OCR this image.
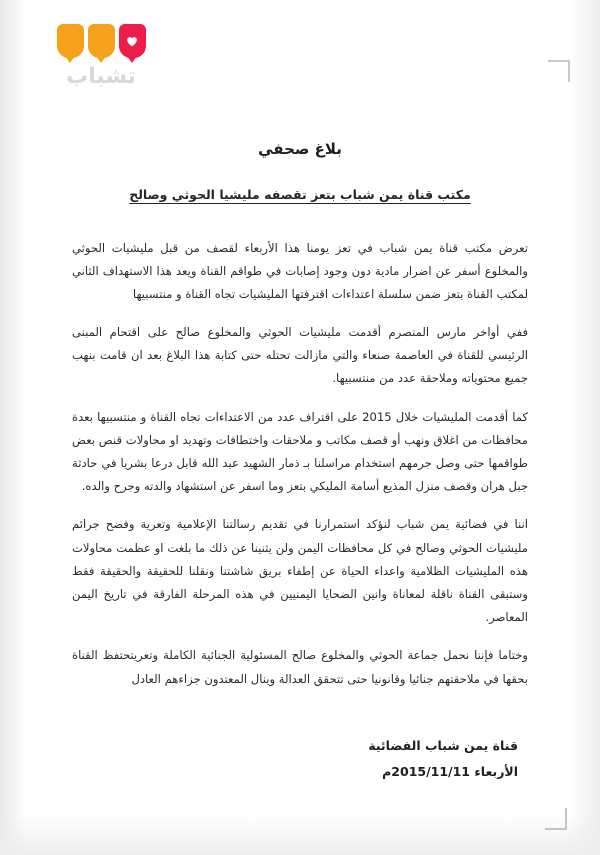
تشباب
بلاغ صحفي
مكتب قناة يمن شباب بتعز تقصفه مليشيا الحوثي وصالح

تعرض مكتب قناة يمن شباب في تعز يومنا هذا الأربعاء لقصف من قبل مليشيات الحوثي والمخلوع أسفر عن اضرار مادية دون وجود إصابات في طواقم القناة ويعد هذا الاستهداف الثاني لمكتب القناة بتعز ضمن سلسلة اعتداءات اقترفتها المليشيات تجاه القناة و منتسبيها

ففي أواخر مارس المنصرم أقدمت مليشيات الحوثي والمخلوع صالح على اقتحام المبنى الرئيسي للقناة في العاصمة صنعاء والتي مازالت تحتله حتى كتابة هذا البلاغ بعد ان قامت بنهب جميع محتوياته وملاحقة عدد من منتسبيها.

كما أقدمت المليشيات خلال 2015 على اقتراف عدد من الاعتداءات تجاه القناة و منتسبيها بعدة محافظات من اغلاق ونهب أو قصف مكاتب و ملاحقات واختطافات وتهديد او محاولات قنص بعض طواقمها حتى وصل جرمهم استخدام مراسلنا بـ ذمار الشهيد عبد الله قابل درعا بشريا في حادثة جبل هران وقصف منزل المذيع أسامة المليكي بتعز وما اسفر عن استشهاد والدته وجرح والده.

اننا في فضائية يمن شباب لنؤكد استمرارنا في تقديم رسالتنا الإعلامية وتعرية وفضح جرائم مليشيات الحوثي وصالح في كل محافظات اليمن ولن يثنينا عن ذلك ما بلغت او عظمت محاولات هذه المليشيات الظلامية واعداء الحياة عن إطفاء بريق شاشتنا ونقلنا للحقيقة والحقيقة فقط وستبقى القناة ناقلة لمعاناة وانين الضحايا اليمنيين في هذه المرحلة الفارقة في تاريخ اليمن المعاصر.

وختاما فإننا نحمل جماعة الحوثي والمخلوع صالح المسئولية الجنائية الكاملة وتعريتحتفظ القناة بحقها في ملاحقتهم جنائيا وقانونيا حتى تتحقق العدالة وينال المعتدون جزاءهم العادل

قناة يمن شباب الفضائية
الأربعاء 2015/11/11م
